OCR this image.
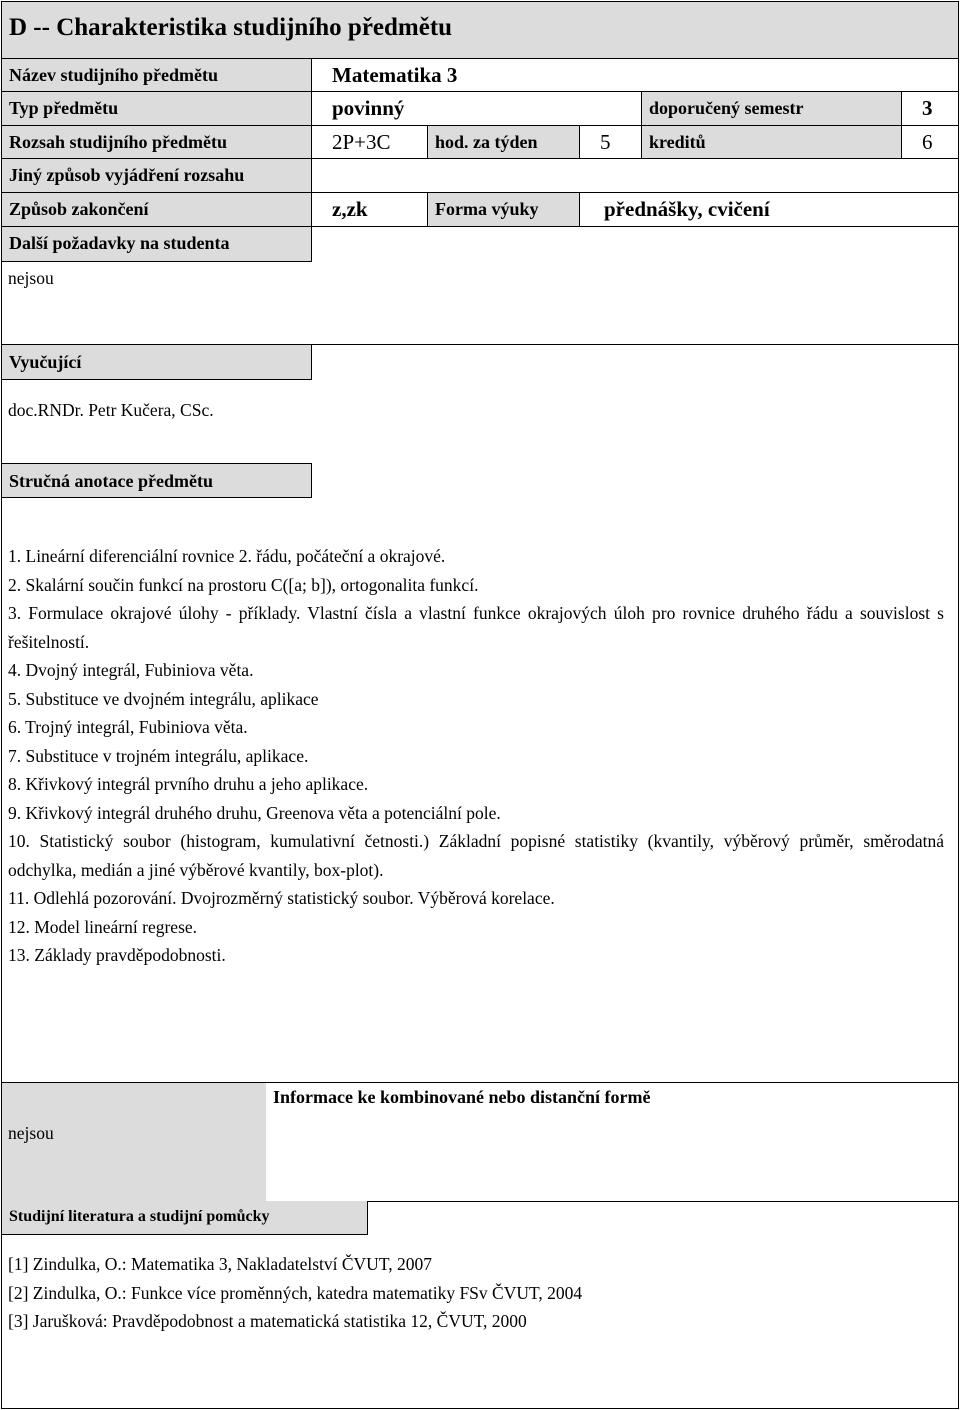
D -- Charakteristika studijního předmětu
Název studijního předmětu	Matematika 3
Typ předmětu	povinný	doporučený semestr	3
Rozsah studijního předmětu	2P+3C	hod. za týden	5	kreditů	6
Jiný způsob vyjádření rozsahu
Způsob zakončení	z,zk	Forma výuky	přednášky, cvičení
Další požadavky na studenta
nejsou
Vyučující
doc.RNDr. Petr Kučera, CSc.
Stručná anotace předmětu
1. Lineární diferenciální rovnice 2. řádu, počáteční a okrajové.
2. Skalární součin funkcí na prostoru C([a; b]), ortogonalita funkcí.
3. Formulace okrajové úlohy - příklady. Vlastní čísla a vlastní funkce okrajových úloh pro rovnice druhého řádu a souvislost s řešitelností.
4. Dvojný integrál, Fubiniova věta.
5. Substituce ve dvojném integrálu, aplikace
6. Trojný integrál, Fubiniova věta.
7. Substituce v trojném integrálu, aplikace.
8. Křivkový integrál prvního druhu a jeho aplikace.
9. Křivkový integrál druhého druhu, Greenova věta a potenciální pole.
10. Statistický soubor (histogram, kumulativní četnosti.) Základní popisné statistiky (kvantily, výběrový průměr, směrodatná odchylka, medián a jiné výběrové kvantily, box-plot).
11. Odlehlá pozorování. Dvojrozměrný statistický soubor. Výběrová korelace.
12. Model lineární regrese.
13. Základy pravděpodobnosti.
nejsou
Informace ke kombinované nebo distanční formě
Studijní literatura a studijní pomůcky
[1] Zindulka, O.: Matematika 3, Nakladatelství ČVUT, 2007
[2] Zindulka, O.: Funkce více proměnných, katedra matematiky FSv ČVUT, 2004
[3] Jarušková: Pravděpodobnost a matematická statistika 12, ČVUT, 2000
